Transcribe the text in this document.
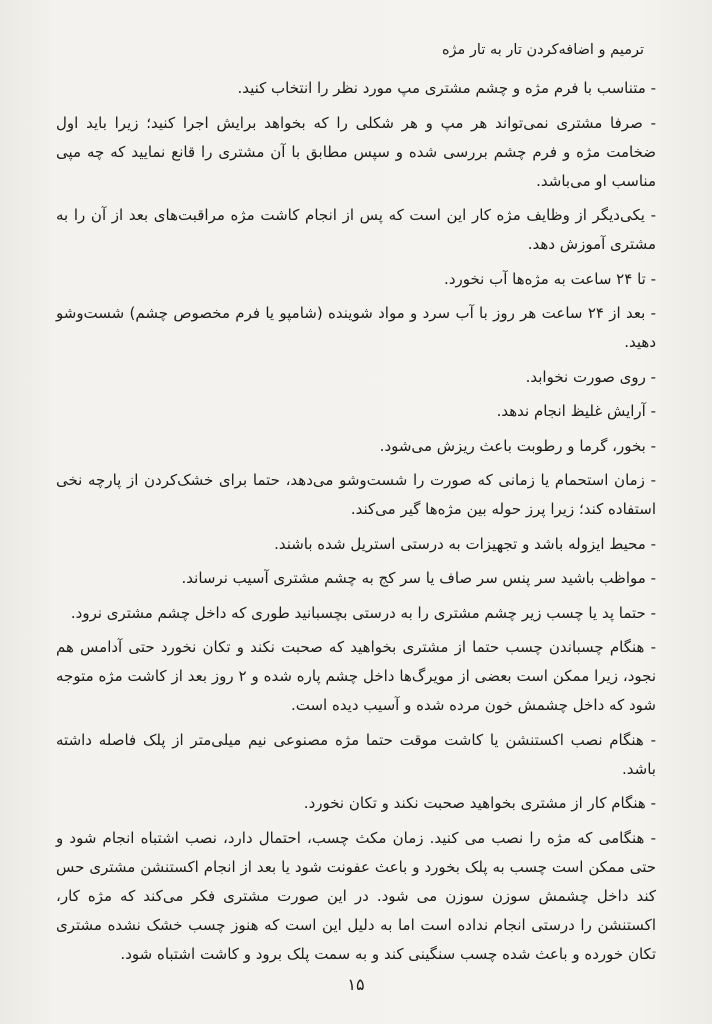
ترمیم و اضافه‌کردن تار به تار مژه

- متناسب با فرم مژه و چشم مشتری مپ مورد نظر را انتخاب کنید.

- صرفا مشتری نمی‌تواند هر مپ و هر شکلی را که بخواهد برایش اجرا کنید؛ زیرا باید اول ضخامت مژه و فرم چشم بررسی شده و سپس مطابق با آن مشتری را قانع نمایید که چه مپی مناسب او می‌باشد.

- یکی‌دیگر از وظایف مژه کار این است که پس از انجام کاشت مژه مراقبت‌های بعد از آن را به مشتری آموزش دهد.

- تا ۲۴ ساعت به مژه‌ها آب نخورد.

- بعد از ۲۴ ساعت هر روز با آب سرد و مواد شوینده (شامپو یا فرم مخصوص چشم) شست‌وشو دهید.

- روی صورت نخوابد.

- آرایش غلیظ انجام ندهد.

- بخور، گرما و رطوبت باعث ریزش می‌شود.

- زمان استحمام یا زمانی که صورت را شست‌وشو می‌دهد، حتما برای خشک‌کردن از پارچه نخی استفاده کند؛ زیرا پرز حوله بین مژه‌ها گیر می‌کند.

- محیط ایزوله باشد و تجهیزات به درستی استریل شده باشند.

- مواظب باشید سر پنس سر صاف یا سر کج به چشم مشتری آسیب نرساند.

- حتما پد یا چسب زیر چشم مشتری را به درستی بچسبانید طوری که داخل چشم مشتری نرود.

- هنگام چسباندن چسب حتما از مشتری بخواهید که صحبت نکند و تکان نخورد حتی آدامس هم نجود، زیرا ممکن است بعضی از مویرگ‌ها داخل چشم پاره شده و ۲ روز بعد از کاشت مژه متوجه شود که داخل چشمش خون مرده شده و آسیب دیده است.

- هنگام نصب اکستنشن یا کاشت موقت حتما مژه مصنوعی نیم میلی‌متر از پلک فاصله داشته باشد.

- هنگام کار از مشتری بخواهید صحبت نکند و تکان نخورد.

- هنگامی که مژه را نصب می کنید. زمان مکث چسب، احتمال دارد، نصب اشتباه انجام شود و حتی ممکن است چسب به پلک بخورد و باعث عفونت شود یا بعد از انجام اکستنشن مشتری حس کند داخل چشمش سوزن سوزن می شود. در این صورت مشتری فکر می‌کند که مژه کار، اکستنشن را درستی انجام نداده است اما به دلیل این است که هنوز چسب خشک نشده مشتری تکان خورده و باعث شده چسب سنگینی کند و به سمت پلک برود و کاشت اشتباه شود.

۱۵
